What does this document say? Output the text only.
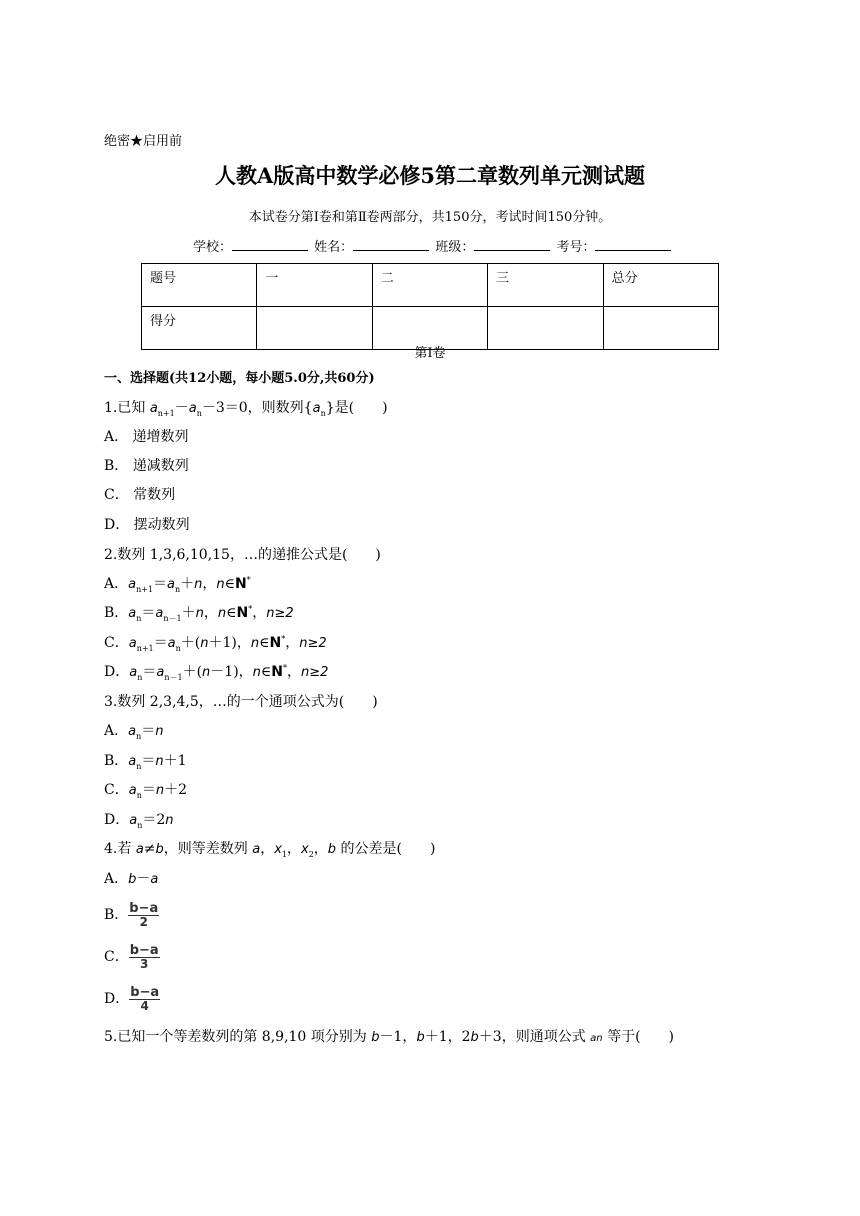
绝密★启用前
人教A版高中数学必修5第二章数列单元测试题
本试卷分第Ⅰ卷和第Ⅱ卷两部分，共150分，考试时间150分钟。
学校：	姓名：	班级：	考号：
题号	一	二	三	总分
得分				
第Ⅰ卷
一、选择题(共12小题，每小题5.0分,共60分)
1.已知 $a_{n+1}-a_n-3=0$，则数列$\{a_n\}$是(　　)
A． 递增数列
B． 递减数列
C． 常数列
D． 摆动数列
2.数列 1,3,6,10,15，…的递推公式是(　　)
A．$a_{n+1}=a_n+n$，n∈N*
B．$a_n=a_{n-1}+n$，n∈N*，n≥2
C．$a_{n+1}=a_n+(n+1)$，n∈N*，n≥2
D．$a_n=a_{n-1}+(n-1)$，n∈N*，n≥2
3.数列 2,3,4,5，…的一个通项公式为(　　)
A．$a_n=n$
B．$a_n=n+1$
C．$a_n=n+2$
D．$a_n=2n$
4.若 a≠b，则等差数列 a，$x_1$，$x_2$，b 的公差是(　　)
A．b－a
B． $\frac{b-a}{2}$
C． $\frac{b-a}{3}$
D． $\frac{b-a}{4}$
5.已知一个等差数列的第 8,9,10 项分别为 b－1，b＋1，2b＋3，则通项公式 an 等于(　　)
